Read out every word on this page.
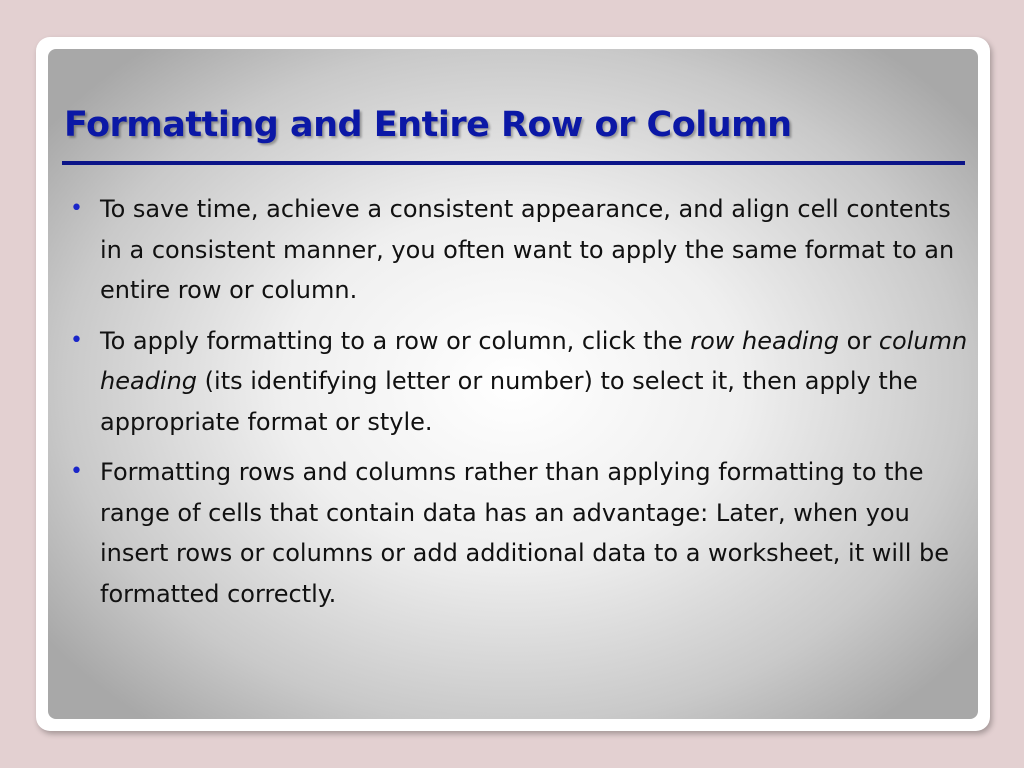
Formatting and Entire Row or Column
• To save time, achieve a consistent appearance, and align cell contents in a consistent manner, you often want to apply the same format to an entire row or column.
• To apply formatting to a row or column, click the row heading or column heading (its identifying letter or number) to select it, then apply the appropriate format or style.
• Formatting rows and columns rather than applying formatting to the range of cells that contain data has an advantage: Later, when you insert rows or columns or add additional data to a worksheet, it will be formatted correctly.
